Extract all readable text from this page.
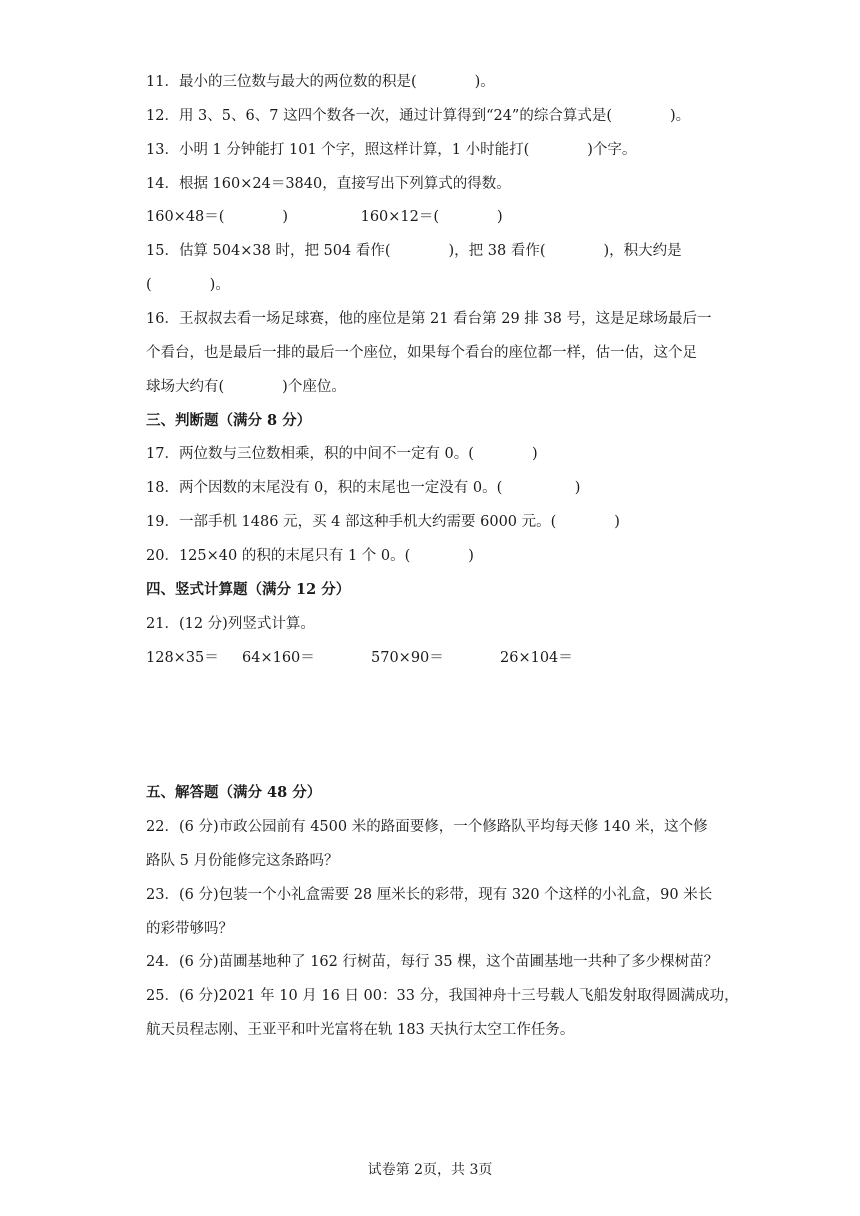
11．最小的三位数与最大的两位数的积是(　　　　)。

12．用 3、5、6、7 这四个数各一次，通过计算得到“24”的综合算式是(　　　　)。

13．小明 1 分钟能打 101 个字，照这样计算，1 小时能打(　　　　)个字。

14．根据 160×24＝3840，直接写出下列算式的得数。

160×48＝(　　　　)　　　　　160×12＝(　　　　)

15．估算 504×38 时，把 504 看作(　　　　)，把 38 看作(　　　　)，积大约是

(　　　　)。

16．王叔叔去看一场足球赛，他的座位是第 21 看台第 29 排 38 号，这是足球场最后一

个看台，也是最后一排的最后一个座位，如果每个看台的座位都一样，估一估，这个足

球场大约有(　　　　)个座位。

三、判断题（满分 8 分）

17．两位数与三位数相乘，积的中间不一定有 0。(　　　　)

18．两个因数的末尾没有 0，积的末尾也一定没有 0。(　　　　　)

19．一部手机 1486 元，买 4 部这种手机大约需要 6000 元。(　　　　)

20．125×40 的积的末尾只有 1 个 0。(　　　　)

四、竖式计算题（满分 12 分）

21．(12 分)列竖式计算。

128×35＝ 64×160＝	570×90＝	26×104＝

五、解答题（满分 48 分）

22．(6 分)市政公园前有 4500 米的路面要修，一个修路队平均每天修 140 米，这个修

路队 5 月份能修完这条路吗？

23．(6 分)包装一个小礼盒需要 28 厘米长的彩带，现有 320 个这样的小礼盒，90 米长

的彩带够吗？

24．(6 分)苗圃基地种了 162 行树苗，每行 35 棵，这个苗圃基地一共种了多少棵树苗？

25．(6 分)2021 年 10 月 16 日 00：33 分，我国神舟十三号载人飞船发射取得圆满成功，

航天员程志刚、王亚平和叶光富将在轨 183 天执行太空工作任务。

试卷第 2页，共 3页
